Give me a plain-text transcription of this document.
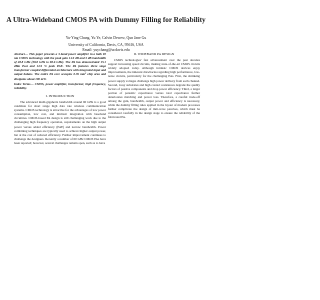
A Ultra-Wideband CMOS PA with Dummy Filling for Reliability
Yu-Ying Chang, Yu Ye, Calvin Dewew, Qun Jane Gu
University of California, Davis, CA, 95616, USA
Email: yuychang@ucdavis.edu

Abstract— This paper presents a 3-band power amplifier in a bulk 65 nm CMOS technology with the peak gain 14.9 dB and 3 dB bandwidth of 28.8 GHz (38.8 GHz to 98.6 GHz). The PA has demonstrated 15.1 dBm Psat and 12.9 % peak PAE. The PA features three stage transformer coupled differential architecture with integrated input and output baluns. The entire PA core occupies 0.39 mm² chip area and dissipates about 190 mW.

Index Terms— CMOS, power amplifier, transformer, high frequency, reliability.

I. INTRODUCTION

The advanced multi-gigahertz bandwidth around 60 GHz is a good candidate for short range high data rate wireless communication systems. CMOS technology is attractive for the advantages of low power consumption, low cost, and intrinsic integration with baseband circuitries. CMOS-based PA design is still challenging work due to the challenging high frequency operation, requirements on the high output power versus added efficiency (PAE) and narrow bandwidth. Power combining techniques are typically used to achieve higher output power, but at the cost of reduced efficiency. Further improvement continues to challenge the designers. Recently a number of 60 GHz CMOS PAs have been reported; however, several challenges remain open, such as to have

II. WIDEBAND PA DESIGN

CMOS technologies' fast advancement over the past decades support increasing speed circuits, making state-of-the-art CMOS circuits widely adopted today. Although intrinsic CMOS devices enjoy improvements, the inherent drawbacks regarding high performance, low-noise circuits, particularly for the challenging PAs. First, the shrinking power supply voltages challenge high power delivery from each channel. Second, lossy substrates and high contact resistances degrade the quality factors of passive components and drop power efficiency. Third, a larger portion of parasitic capacitance versus total capacitance further deteriorates matching and power loss. Therefore, a careful trade-off among the gain, bandwidth, output power and efficiency is necessary, while the dummy filling rules applied in the layout of modern processes further complicate the design of mm-wave passives, which must be considered carefully in the design stage to ensure the reliability of the fabricated PA.
